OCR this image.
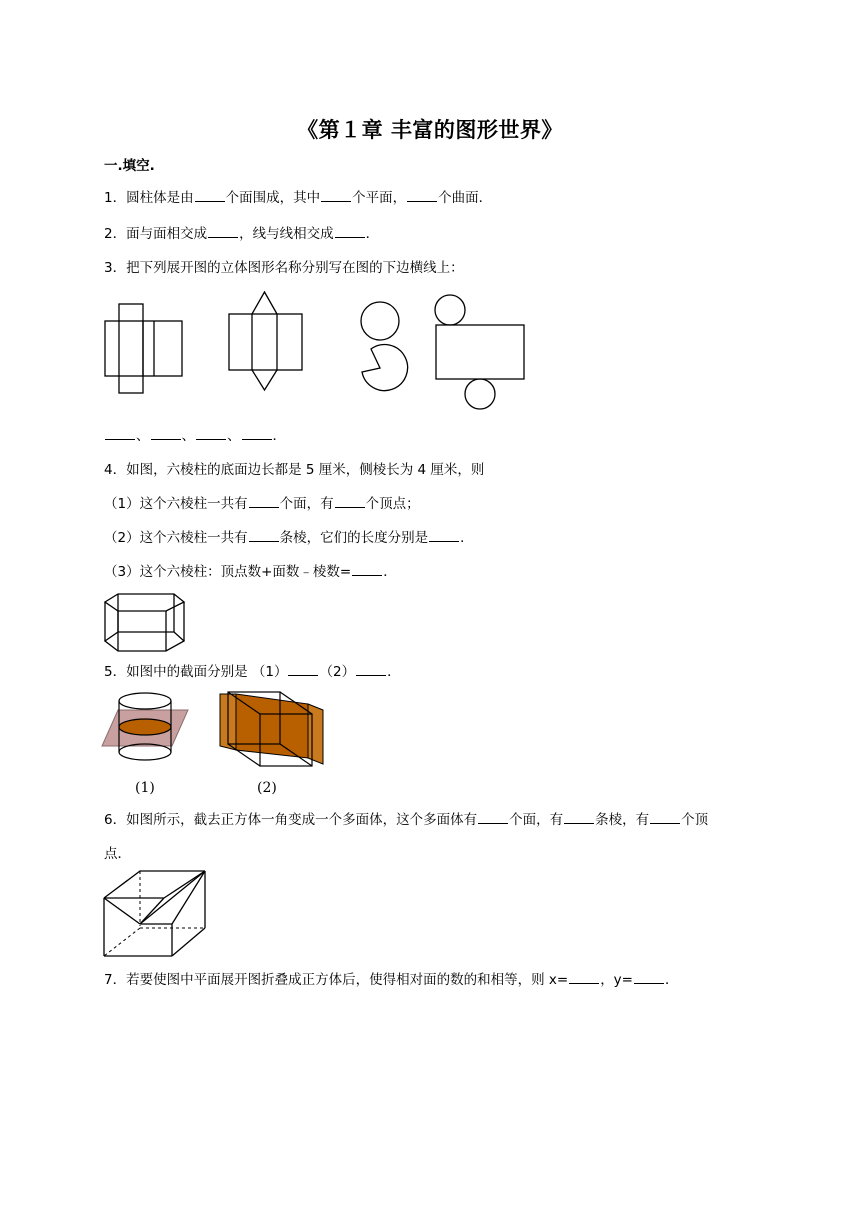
《第１章 丰富的图形世界》
一.填空.
1．圆柱体是由 个面围成，其中 个平面， 个曲面．
2．面与面相交成 ，线与线相交成 ．
3．把下列展开图的立体图形名称分别写在图的下边横线上：
、 、 、 ．
4．如图，六棱柱的底面边长都是 5 厘米，侧棱长为 4 厘米，则
（1）这个六棱柱一共有 个面，有 个顶点；
（2）这个六棱柱一共有 条棱，它们的长度分别是 ．
（3）这个六棱柱：顶点数+面数﹣棱数= ．
5．如图中的截面分别是 （1） （2） ．
(1)	(2)
6．如图所示，截去正方体一角变成一个多面体，这个多面体有 个面，有 条棱，有 个顶
点．
7．若要使图中平面展开图折叠成正方体后，使得相对面的数的和相等，则 x= ，y= ．
